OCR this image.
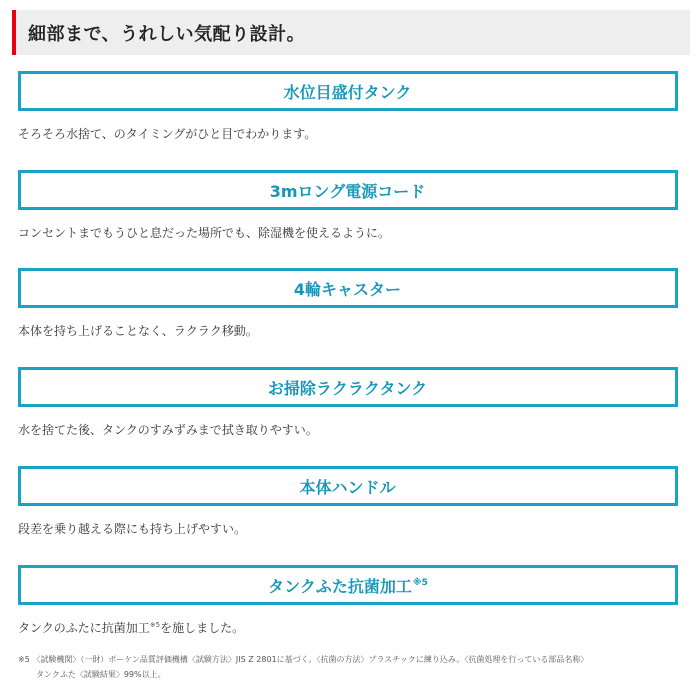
細部まで、うれしい気配り設計。
水位目盛付タンク

そろそろ水捨て、のタイミングがひと目でわかります。

3mロング電源コード

コンセントまでもうひと息だった場所でも、除湿機を使えるように。

4輪キャスター

本体を持ち上げることなく、ラクラク移動。

お掃除ラクラクタンク

水を捨てた後、タンクのすみずみまで拭き取りやすい。

本体ハンドル

段差を乗り越える際にも持ち上げやすい。

タンクふた抗菌加工$^{※5}$

タンクのふたに抗菌加工$^{※5}$を施しました。

※5 〈試験機関〉（一財）ボーケン品質評価機構〈試験方法〉JIS Z 2801に基づく。〈抗菌の方法〉プラスチックに練り込み。〈抗菌処理を行っている部品名称〉
タンクふた〈試験結果〉99%以上。
